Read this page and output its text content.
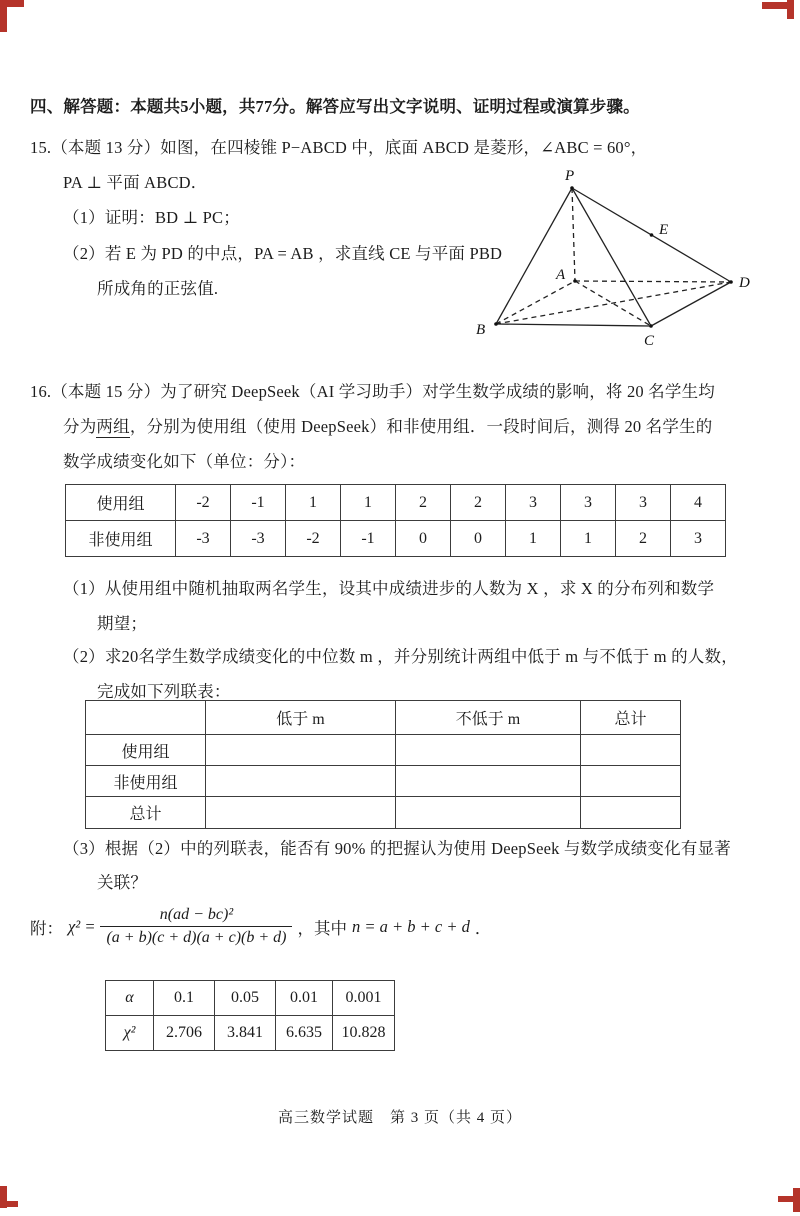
四、解答题：本题共5小题，共77分。解答应写出文字说明、证明过程或演算步骤。
15.（本题 13 分）如图，在四棱锥 P−ABCD 中，底面 ABCD 是菱形，∠ABC = 60°，
PA ⊥ 平面 ABCD．
（1）证明：BD ⊥ PC；
（2）若 E 为 PD 的中点，PA = AB ，求直线 CE 与平面 PBD
所成角的正弦值.
P
E
A	D
B
C
16.（本题 15 分）为了研究 DeepSeek（AI 学习助手）对学生数学成绩的影响，将 20 名学生均
分为两组，分别为使用组（使用 DeepSeek）和非使用组．一段时间后，测得 20 名学生的
数学成绩变化如下（单位：分）：
使用组	-2	-1	1	1	2	2	3	3	3	4
非使用组	-3	-3	-2	-1	0	0	1	1	2	3
（1）从使用组中随机抽取两名学生，设其中成绩进步的人数为 X ，求 X 的分布列和数学
期望；
（2）求20名学生数学成绩变化的中位数 m ，并分别统计两组中低于 m 与不低于 m 的人数，
完成如下列联表：
	低于 m	不低于 m	总计
使用组			
非使用组			
总计			
（3）根据（2）中的列联表，能否有 90% 的把握认为使用 DeepSeek 与数学成绩变化有显著
关联？
附： $\chi^2 = \frac{\text{n(ad − bc)²}}{(a + b)(c + d)(a + c)(b + d)}$ ，其中 n = a + b + c + d ．
α	0.1	0.05	0.01	0.001
χ²	2.706	3.841	6.635	10.828
高三数学试题　第 3 页（共 4 页）
